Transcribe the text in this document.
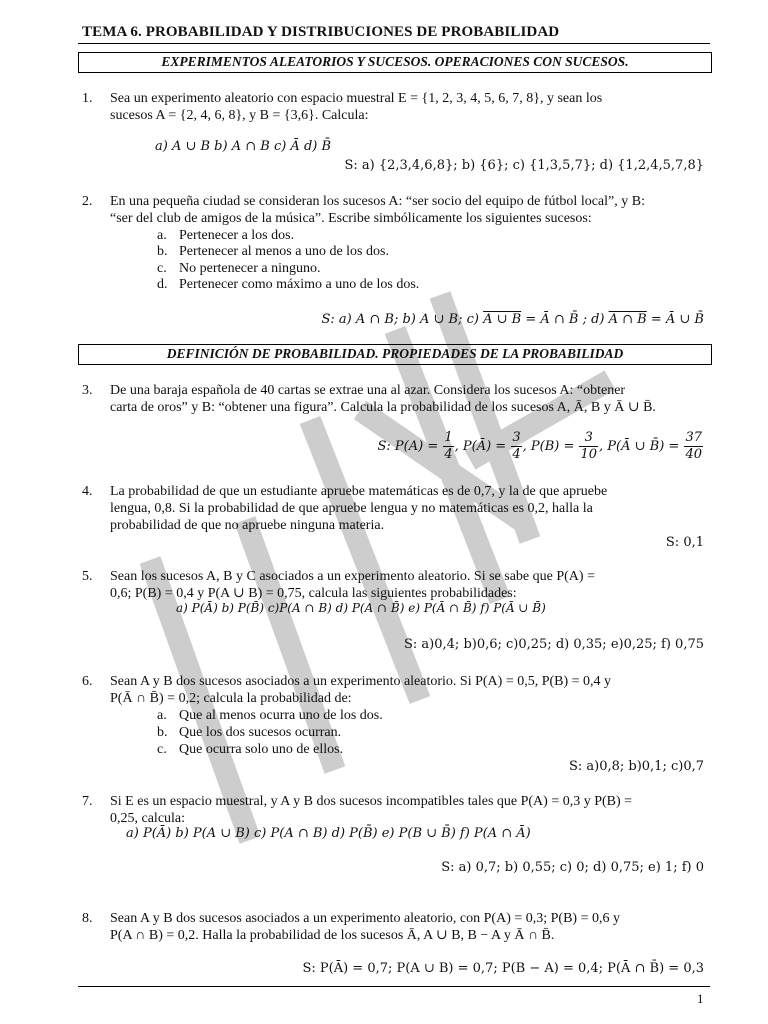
TEMA 6. PROBABILIDAD Y DISTRIBUCIONES DE PROBABILIDAD
EXPERIMENTOS ALEATORIOS Y SUCESOS. OPERACIONES CON SUCESOS.
1. Sea un experimento aleatorio con espacio muestral E = {1, 2, 3, 4, 5, 6, 7, 8}, y sean los
sucesos A = {2, 4, 6, 8}, y B = {3,6}. Calcula:
a) A ∪ B b) A ∩ B c) Ā d) B̄
S: a) {2,3,4,6,8}; b) {6}; c) {1,3,5,7}; d) {1,2,4,5,7,8}
2. En una pequeña ciudad se consideran los sucesos A: “ser socio del equipo de fútbol local”, y B:
“ser del club de amigos de la música”. Escribe simbólicamente los siguientes sucesos:
a. Pertenecer a los dos.
b. Pertenecer al menos a uno de los dos.
c. No pertenecer a ninguno.
d. Pertenecer como máximo a uno de los dos.
S: a) A ∩ B; b) A ∪ B; c) A ∪ B = Ā ∩ B̄ ; d) A ∩ B = Ā ∪ B̄
DEFINICIÓN DE PROBABILIDAD. PROPIEDADES DE LA PROBABILIDAD
3. De una baraja española de 40 cartas se extrae una al azar. Considera los sucesos A: “obtener
carta de oros” y B: “obtener una figura”. Calcula la probabilidad de los sucesos A, Ā, B y Ā ∪ B̄.
S: $P(A) = \frac{1}{4}$ , P(Ā) = $\frac{3}{4}$ , $P(B) = \frac{3}{10}$ , P(Ā ∪ B̄) = $\frac{37}{40}$
4. La probabilidad de que un estudiante apruebe matemáticas es de 0,7, y la de que apruebe
lengua, 0,8. Si la probabilidad de que apruebe lengua y no matemáticas es 0,2, halla la
probabilidad de que no apruebe ninguna materia.
S: 0,1
5. Sean los sucesos A, B y C asociados a un experimento aleatorio. Si se sabe que P(A) =
0,6; P(B) = 0,4 y P(A ∪ B) = 0,75, calcula las siguientes probabilidades:
a) P(Ā) b) P(B̄) c)P(A ∩ B) d) P(A ∩ B̄) e) P(Ā ∩ B̄) f) P(Ā ∪ B̄)
S: a)0,4; b)0,6; c)0,25; d) 0,35; e)0,25; f) 0,75
6. Sean A y B dos sucesos asociados a un experimento aleatorio. Si P(A) = 0,5, P(B) = 0,4 y
P(Ā ∩ B̄) = 0,2; calcula la probabilidad de:
a. Que al menos ocurra uno de los dos.
b. Que los dos sucesos ocurran.
c. Que ocurra solo uno de ellos.
S: a)0,8; b)0,1; c)0,7
7. Si E es un espacio muestral, y A y B dos sucesos incompatibles tales que P(A) = 0,3 y P(B) =
0,25, calcula:
a) P(Ā) b) P(A ∪ B) c) P(A ∩ B) d) P(B̄) e) P(B ∪ B̄) f) P(A ∩ Ā)
S: a) 0,7; b) 0,55; c) 0; d) 0,75; e) 1; f) 0
8. Sean A y B dos sucesos asociados a un experimento aleatorio, con P(A) = 0,3; P(B) = 0,6 y
P(A ∩ B) = 0,2. Halla la probabilidad de los sucesos Ā, A ∪ B, B − A y Ā ∩ B̄.
S: P(Ā) = 0,7; P(A ∪ B) = 0,7; P(B − A) = 0,4; P(Ā ∩ B̄) = 0,3
1
